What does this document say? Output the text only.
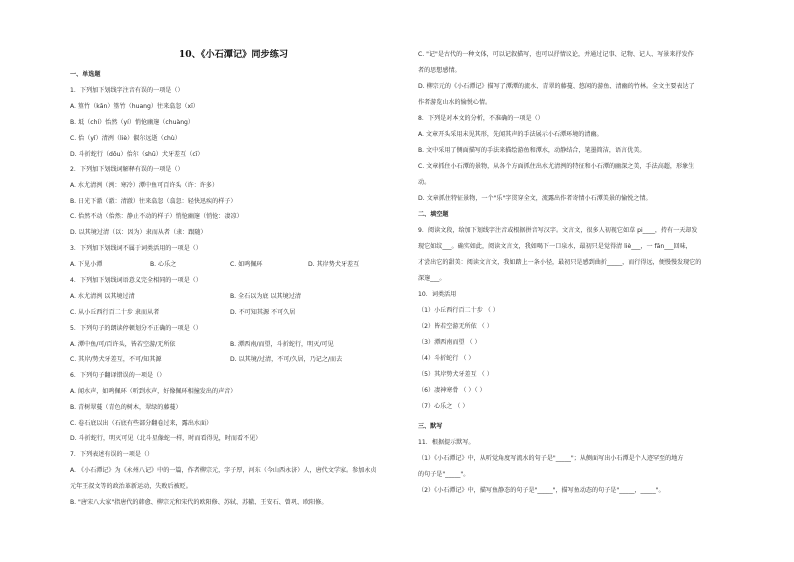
10、《小石潭记》同步练习
一、单选题
1．下列加下划线字注音有误的一项是（）
A. 篁竹（kān）篁竹（huang）往来翕忽（xī）
B. 坻（chí）怡然（yí）悄怆幽邃（chuàng）
C. 佁（yǐ）清洌（liè）俶尔远逝（chù）
D. 斗折蛇行（dǒu）佁尔（shū）犬牙差互（cī）
2．下列加下划线词解释有误的一项是（）
A. 水尤清洌（洌：寒冷）潭中鱼可百许头（许：许多）
B. 日光下澈（澈：清澈）往来翕忽（翕忽：轻快迅疾的样子）
C. 佁然不动（佁然：静止不动的样子）悄怆幽邃（悄怆：凄凉）
D. 以其境过清（以：因为）隶而从者（隶：跟随）
3．下列加下划线词不属于词类活用的一项是（）
A. 下见小潭	B. 心乐之	C. 如鸣佩环	D. 其岸势犬牙差互
4．下列加下划线词语意义完全相同的一项是（）
A. 水尤清洌 以其境过清	B. 全石以为底 以其境过清
C. 从小丘西行百二十步 隶而从者	D. 不可知其源 不可久居
5．下列句子的朗读停顿划分不正确的一项是（）
A. 潭中鱼/可/百许头，皆若空游/无所依	B. 潭西南/而望，斗折蛇行，明灭/可见
C. 其岸/势犬牙差互，不可/知其源	D. 以其境/过清，不可/久居，乃记之/而去
6．下列句子翻译错误的一项是（）
A. 闻水声，如鸣佩环（听到水声，好像佩环相撞发出的声音）
B. 青树翠蔓（青色的树木，翠绿的藤蔓）
C. 卷石底以出（石底有些部分翻卷过来，露出水面）
D. 斗折蛇行，明灭可见（北斗星像蛇一样，时而看得见，时而看不见）
7．下列表述有误的一项是（）
A. 《小石潭记》为《永州八记》中的一篇，作者柳宗元，字子厚，河东（今山西永济）人，唐代文学家。参加永贞
元年王叔文等的政治革新运动，失败后被贬。
B. "唐宋八大家"指唐代的韩愈、柳宗元和宋代的欧阳修、苏轼、苏辙、王安石、曾巩、欧阳修。
C. "记"是古代的一种文体，可以记叙描写，也可以抒情议论，并通过记事、记物、记人、写景来抒发作
者的思想感情。
D. 柳宗元的《小石潭记》描写了潭潭的流水、青翠的藤蔓、悠闲的游鱼、清幽的竹林。全文主要表达了
作者游览山水的愉悦心情。
8．下列是对本文的分析，不准确的一项是（）
A. 文章开头采用未见其形，先闻其声的手法展示小石潭环境的清幽。
B. 文中采用了侧面描写的手法来描绘游鱼和潭水，动静结合，笔墨简洁，语言优美。
C. 文章抓住小石潭的景物，从各个方面抓住出水尤清洌的特征和小石潭的幽深之美，手法高超，形象生
动。
D. 文章抓住特征景物，一个"乐"字贯穿全文，流露出作者寄情小石潭美景的愉悦之情。
二、填空题
9．阅读文段，给加下划线字注音或根据拼音写汉字。文言文，很多人初视它如草 pi____，持有一天却发
现它如纹___。确实如此，阅读文言文，我如喝下一口泉水，最初只是觉得清 liè___，一 fān___回味，
才尝出它的甜美：阅读文言文，我如踏上一条小径，最初只是感到曲折_____，而行得远，便慢慢发现它的
深邃___。
10．词类活用
（1）小丘西行百二十步 （ ）
（2）皆若空游无所依 （ ）
（3）潭西南而望 （ ）
（4）斗折蛇行 （ ）
（5）其岸势犬牙差互 （ ）
（6）凄神寒骨 （ ）（ ）
（7）心乐之 （ ）
三、默写
11．根据提示默写。
（1）《小石潭记》中，从听觉角度写流水的句子是"_____"；从侧面写出小石潭是个人迹罕至的地方
的句子是"_____"。
（2）《小石潭记》中，描写鱼静态的句子是"_____"，描写鱼动态的句子是"_____，_____"。
